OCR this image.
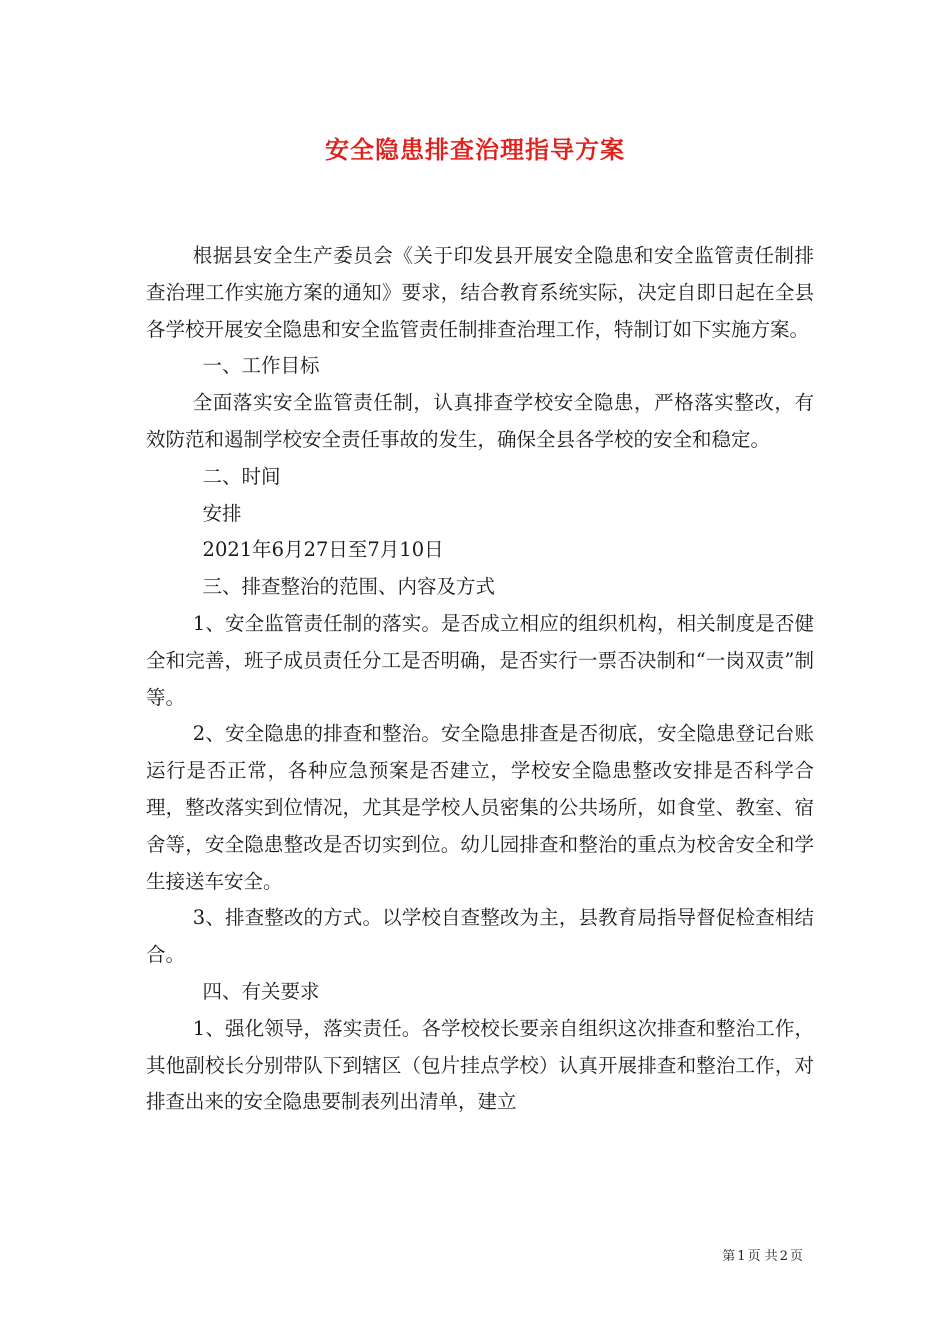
安全隐患排查治理指导方案

根据县安全生产委员会《关于印发县开展安全隐患和安全监管责任制排查治理工作实施方案的通知》要求，结合教育系统实际，决定自即日起在全县各学校开展安全隐患和安全监管责任制排查治理工作，特制订如下实施方案。

一、工作目标

全面落实安全监管责任制，认真排查学校安全隐患，严格落实整改，有效防范和遏制学校安全责任事故的发生，确保全县各学校的安全和稳定。

二、时间

安排

2021年6月27日至7月10日

三、排查整治的范围、内容及方式

1、安全监管责任制的落实。是否成立相应的组织机构，相关制度是否健全和完善，班子成员责任分工是否明确，是否实行一票否决制和“一岗双责”制等。

2、安全隐患的排查和整治。安全隐患排查是否彻底，安全隐患登记台账运行是否正常，各种应急预案是否建立，学校安全隐患整改安排是否科学合理，整改落实到位情况，尤其是学校人员密集的公共场所，如食堂、教室、宿舍等，安全隐患整改是否切实到位。幼儿园排查和整治的重点为校舍安全和学生接送车安全。

3、排查整改的方式。以学校自查整改为主，县教育局指导督促检查相结合。

四、有关要求

1、强化领导，落实责任。各学校校长要亲自组织这次排查和整治工作，其他副校长分别带队下到辖区（包片挂点学校）认真开展排查和整治工作，对排查出来的安全隐患要制表列出清单，建立

第 1 页 共 2 页
